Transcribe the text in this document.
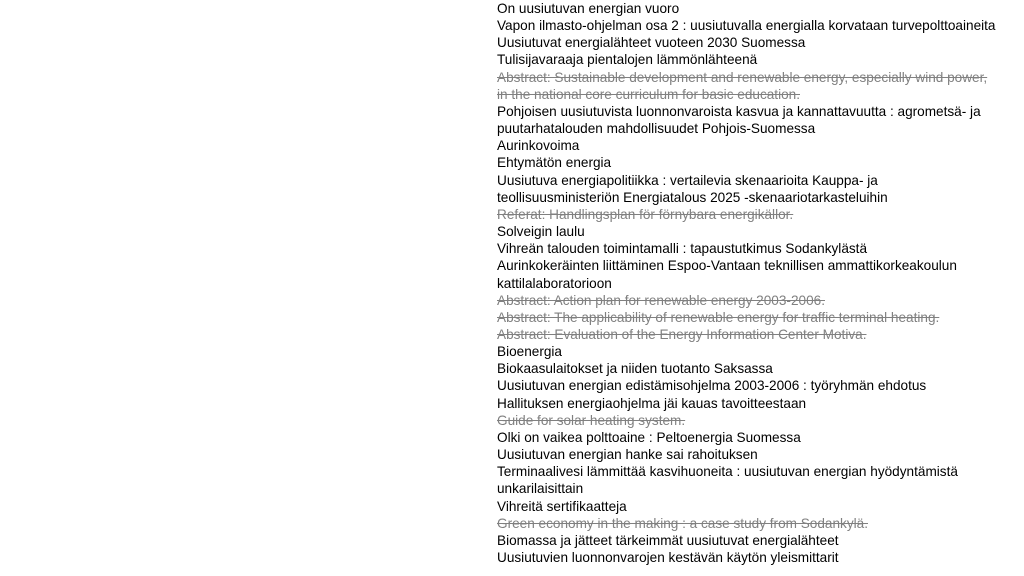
On uusiutuvan energian vuoro
Vapon ilmasto-ohjelman osa 2 : uusiutuvalla energialla korvataan turvepolttoaineita
Uusiutuvat energialähteet vuoteen 2030 Suomessa
Tulisijavaraaja pientalojen lämmönlähteenä
Abstract: Sustainable development and renewable energy, especially wind power, in the national core curriculum for basic education.
Pohjoisen uusiutuvista luonnonvaroista kasvua ja kannattavuutta : agrometsä- ja puutarhatalouden mahdollisuudet Pohjois-Suomessa
Aurinkovoima
Ehtymätön energia
Uusiutuva energiapolitiikka : vertailevia skenaarioita Kauppa- ja teollisuusministeriön Energiatalous 2025 -skenaariotarkasteluihin
Referat: Handlingsplan för förnybara energikällor.
Solveigin laulu
Vihreän talouden toimintamalli : tapaustutkimus Sodankylästä
Aurinkokeräinten liittäminen Espoo-Vantaan teknillisen ammattikorkeakoulun kattilalaboratorioon
Abstract: Action plan for renewable energy 2003-2006.
Abstract: The applicability of renewable energy for traffic terminal heating.
Abstract: Evaluation of the Energy Information Center Motiva.
Bioenergia
Biokaasulaitokset ja niiden tuotanto Saksassa
Uusiutuvan energian edistämisohjelma 2003-2006 : työryhmän ehdotus
Hallituksen energiaohjelma jäi kauas tavoitteestaan
Guide for solar heating system.
Olki on vaikea polttoaine : Peltoenergia Suomessa
Uusiutuvan energian hanke sai rahoituksen
Terminaalivesi lämmittää kasvihuoneita : uusiutuvan energian hyödyntämistä unkarilaisittain
Vihreitä sertifikaatteja
Green economy in the making : a case study from Sodankylä.
Biomassa ja jätteet tärkeimmät uusiutuvat energialähteet
Uusiutuvien luonnonvarojen kestävän käytön yleismittarit
